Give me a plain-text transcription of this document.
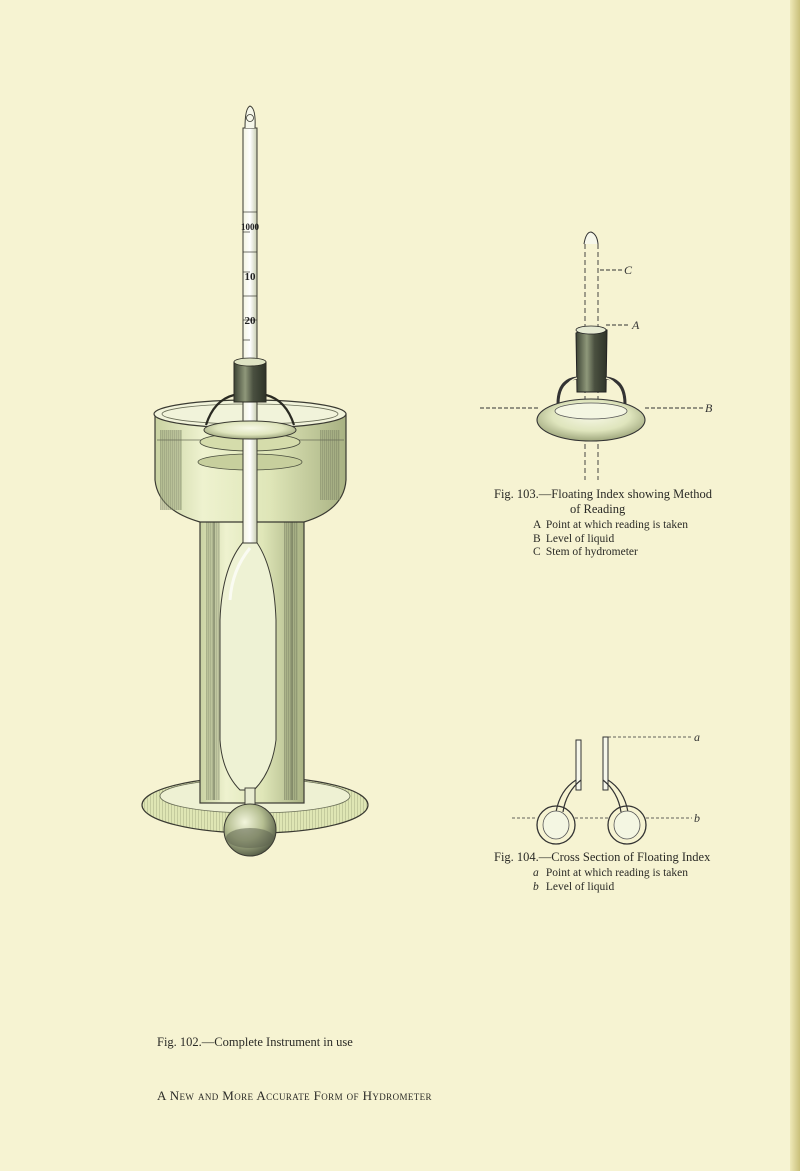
1000
10
20
C
A
B
a
b
Fig. 102.—Complete Instrument in use
Fig. 103.—Floating Index showing Method
of Reading
A Point at which reading is taken
B Level of liquid
C Stem of hydrometer
Fig. 104.—Cross Section of Floating Index
a Point at which reading is taken
b Level of liquid
A New and More Accurate Form of Hydrometer
